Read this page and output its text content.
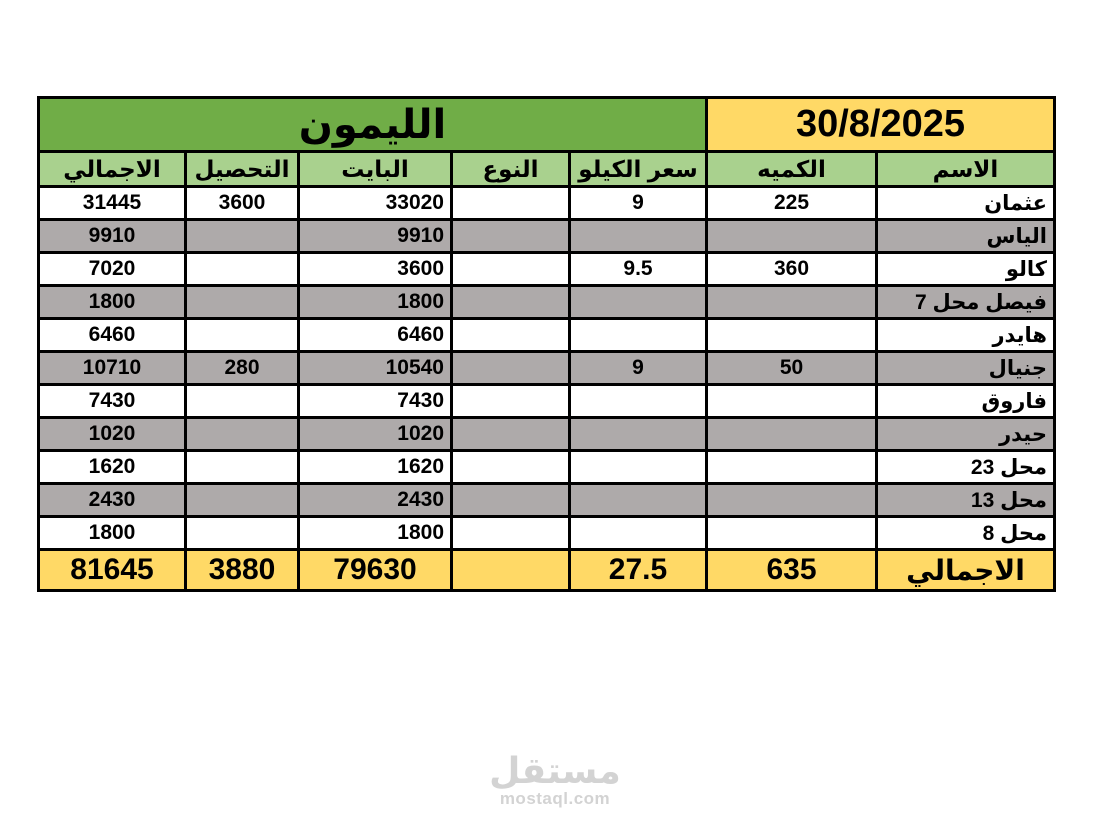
الليمون					30/8/2025	
الاجمالي	التحصيل	البايت	النوع	سعر الكيلو	الكميه	الاسم
31445	3600	33020		9	225	عثمان
9910		9910				الياس
7020		3600		9.5	360	كالو
1800		1800				فيصل محل 7
6460		6460				هايدر
10710	280	10540		9	50	جنيال
7430		7430				فاروق
1020		1020				حيدر
1620		1620				محل 23
2430		2430				محل 13
1800		1800				محل 8
81645	3880	79630		27.5	635	الاجمالي
مستقل
mostaql.com
